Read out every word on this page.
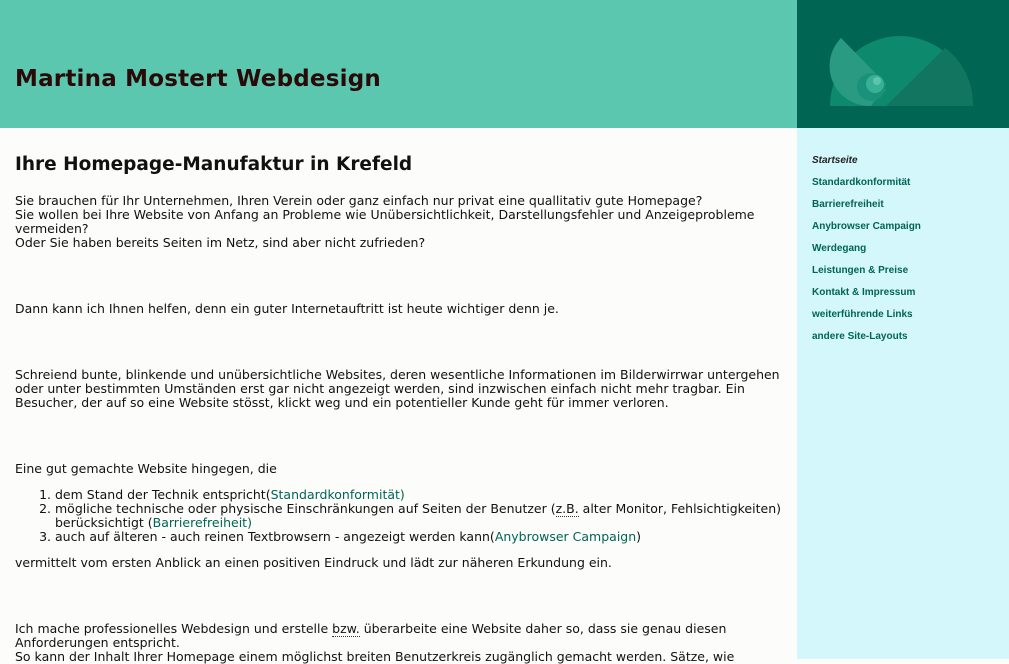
Martina Mostert Webdesign
Startseite
Standardkonformität
Barrierefreiheit
Anybrowser Campaign
Werdegang
Leistungen & Preise
Kontakt & Impressum
weiterführende Links
andere Site-Layouts
Ihre Homepage-Manufaktur in Krefeld

Sie brauchen für Ihr Unternehmen, Ihren Verein oder ganz einfach nur privat eine quallitativ gute Homepage?

Sie wollen bei Ihre Website von Anfang an Probleme wie Unübersichtlichkeit, Darstellungsfehler und Anzeigeprobleme

vermeiden?

Oder Sie haben bereits Seiten im Netz, sind aber nicht zufrieden?

Dann kann ich Ihnen helfen, denn ein guter Internetauftritt ist heute wichtiger denn je.

Schreiend bunte, blinkende und unübersichtliche Websites, deren wesentliche Informationen im Bilderwirrwar untergehen

oder unter bestimmten Umständen erst gar nicht angezeigt werden, sind inzwischen einfach nicht mehr tragbar. Ein

Besucher, der auf so eine Website stösst, klickt weg und ein potentieller Kunde geht für immer verloren.

Eine gut gemachte Website hingegen, die

1. dem Stand der Technik entspricht(Standardkonformität)
2. mögliche technische oder physische Einschränkungen auf Seiten der Benutzer (z.B. alter Monitor, Fehlsichtigkeiten)
berücksichtigt (Barrierefreiheit)
3. auch auf älteren - auch reinen Textbrowsern - angezeigt werden kann(Anybrowser Campaign)

vermittelt vom ersten Anblick an einen positiven Eindruck und lädt zur näheren Erkundung ein.

Ich mache professionelles Webdesign und erstelle bzw. überarbeite eine Website daher so, dass sie genau diesen

Anforderungen entspricht.

So kann der Inhalt Ihrer Homepage einem möglichst breiten Benutzerkreis zugänglich gemacht werden. Sätze, wie
